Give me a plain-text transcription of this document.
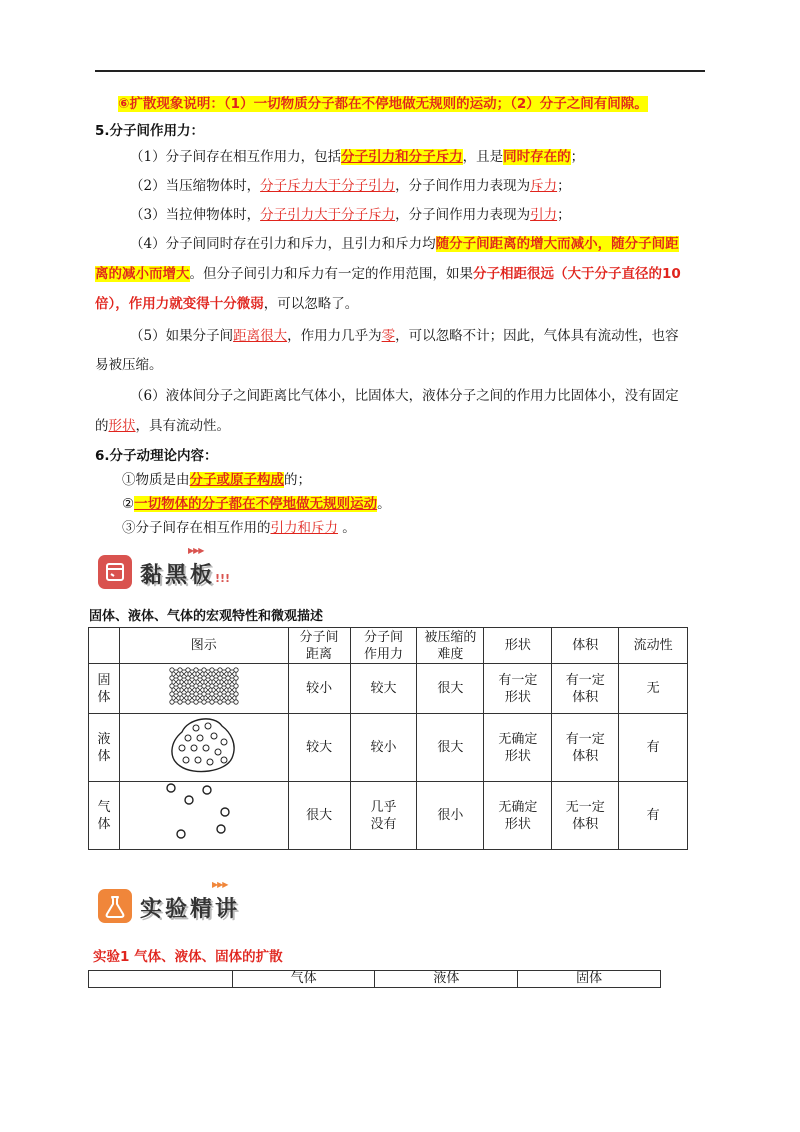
⑥扩散现象说明：（1）一切物质分子都在不停地做无规则的运动；（2）分子之间有间隙。
5.分子间作用力：
（1）分子间存在相互作用力，包括分子引力和分子斥力，且是同时存在的；
（2）当压缩物体时，分子斥力大于分子引力，分子间作用力表现为斥力；
（3）当拉伸物体时，分子引力大于分子斥力，分子间作用力表现为引力；
（4）分子间同时存在引力和斥力，且引力和斥力均随分子间距离的增大而减小，随分子间距
离的减小而增大。但分子间引力和斥力有一定的作用范围，如果分子相距很远（大于分子直径的10
倍），作用力就变得十分微弱，可以忽略了。
（5）如果分子间距离很大，作用力几乎为零，可以忽略不计；因此，气体具有流动性，也容
易被压缩。
（6）液体间分子之间距离比气体小，比固体大，液体分子之间的作用力比固体小，没有固定
的形状，具有流动性。
6.分子动理论内容：
①物质是由分子或原子构成的；
②一切物体的分子都在不停地做无规则运动。
③分子间存在相互作用的引力和斥力 。
▶▶▶
黏黑板!!!
固体、液体、气体的宏观特性和微观描述
	图示	分子间距离	分子间作用力	被压缩的难度	形状	体积	流动性

固体		较小	较大	很大	有一定形状	有一定体积	无

液体		较大	较小	很大	无确定形状	有一定体积	有

气体		很大	几乎没有	很小	无确定形状	无一定体积	有
▶▶▶
实验精讲
实验1 气体、液体、固体的扩散
	气体	液体	固体
